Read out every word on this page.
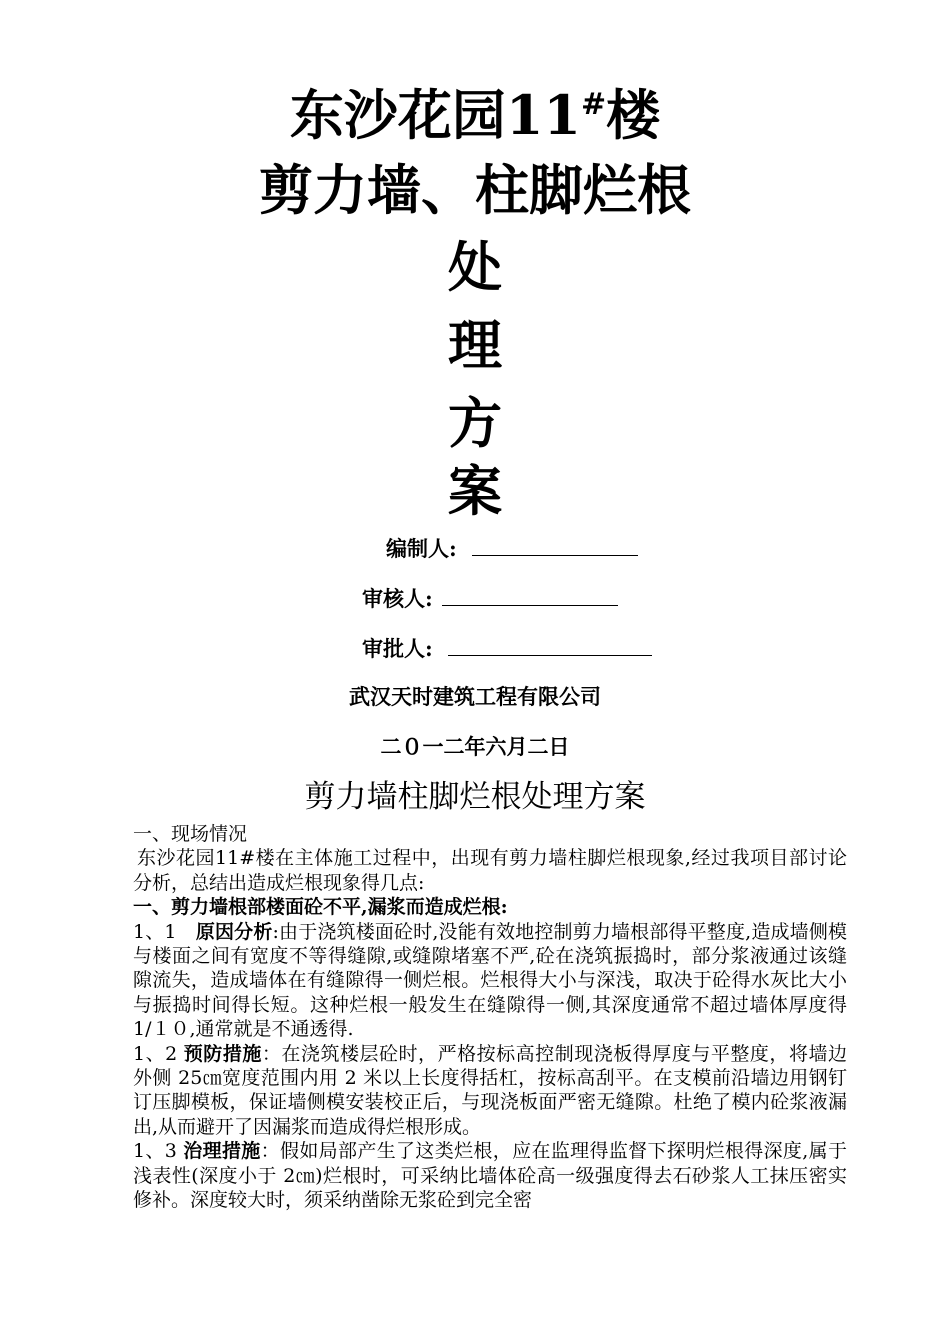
东沙花园11#楼
剪力墙、柱脚烂根
处
理
方
案
编制人:
审核人:
审批人:
武汉天时建筑工程有限公司
二０一二年六月二日
剪力墙柱脚烂根处理方案

一、现场情况

东沙花园11#楼在主体施工过程中，出现有剪力墙柱脚烂根现象,经过我项目部讨论分析，总结出造成烂根现象得几点:

一、剪力墙根部楼面砼不平,漏浆而造成烂根:

1、1　原因分析:由于浇筑楼面砼时,没能有效地控制剪力墙根部得平整度,造成墙侧模与楼面之间有宽度不等得缝隙,或缝隙堵塞不严,砼在浇筑振捣时，部分浆液通过该缝隙流失，造成墙体在有缝隙得一侧烂根。烂根得大小与深浅，取决于砼得水灰比大小与振捣时间得长短。这种烂根一般发生在缝隙得一侧,其深度通常不超过墙体厚度得 1/１０,通常就是不通透得.

1、2 预防措施：在浇筑楼层砼时，严格按标高控制现浇板得厚度与平整度，将墙边外侧 25㎝宽度范围内用 2 米以上长度得括杠，按标高刮平。在支模前沿墙边用钢钉订压脚模板，保证墙侧模安装校正后，与现浇板面严密无缝隙。杜绝了模内砼浆液漏出,从而避开了因漏浆而造成得烂根形成。

1、3 治理措施：假如局部产生了这类烂根，应在监理得监督下探明烂根得深度,属于浅表性(深度小于 2㎝)烂根时，可采纳比墙体砼高一级强度得去石砂浆人工抹压密实修补。深度较大时，须采纳凿除无浆砼到完全密
